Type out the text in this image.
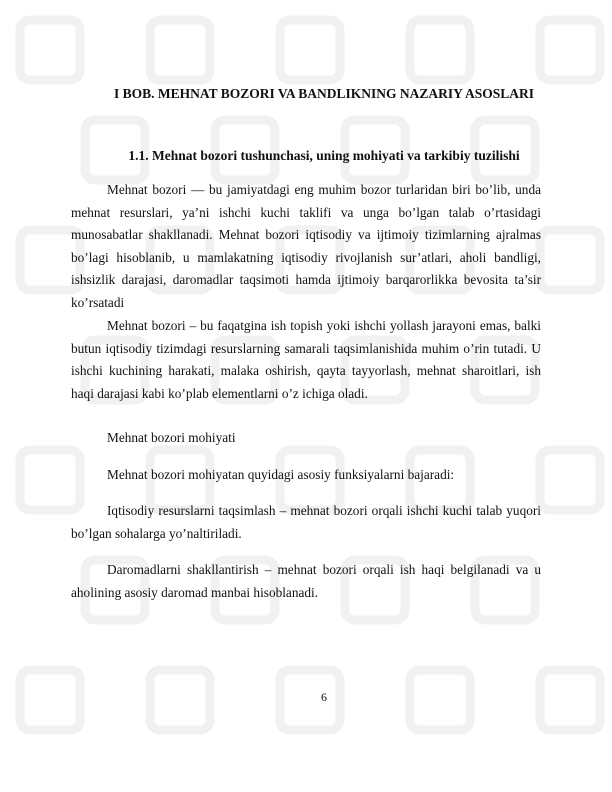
I BOB. MEHNAT BOZORI VA BANDLIKNING NAZARIY ASOSLARI
1.1. Mehnat bozori tushunchasi, uning mohiyati va tarkibiy tuzilishi

Mehnat bozori — bu jamiyatdagi eng muhim bozor turlaridan biri bo’lib, unda mehnat resurslari, ya’ni ishchi kuchi taklifi va unga bo’lgan talab o’rtasidagi munosabatlar shakllanadi. Mehnat bozori iqtisodiy va ijtimoiy tizimlarning ajralmas bo’lagi hisoblanib, u mamlakatning iqtisodiy rivojlanish sur’atlari, aholi bandligi, ishsizlik darajasi, daromadlar taqsimoti hamda ijtimoiy barqarorlikka bevosita ta’sir ko’rsatadi

Mehnat bozori – bu faqatgina ish topish yoki ishchi yollash jarayoni emas, balki butun iqtisodiy tizimdagi resurslarning samarali taqsimlanishida muhim o’rin tutadi. U ishchi kuchining harakati, malaka oshirish, qayta tayyorlash, mehnat sharoitlari, ish haqi darajasi kabi ko’plab elementlarni o’z ichiga oladi.

Mehnat bozori mohiyati

Mehnat bozori mohiyatan quyidagi asosiy funksiyalarni bajaradi:

Iqtisodiy resurslarni taqsimlash – mehnat bozori orqali ishchi kuchi talab yuqori bo’lgan sohalarga yo’naltiriladi.

Daromadlarni shakllantirish – mehnat bozori orqali ish haqi belgilanadi va u aholining asosiy daromad manbai hisoblanadi.

6
